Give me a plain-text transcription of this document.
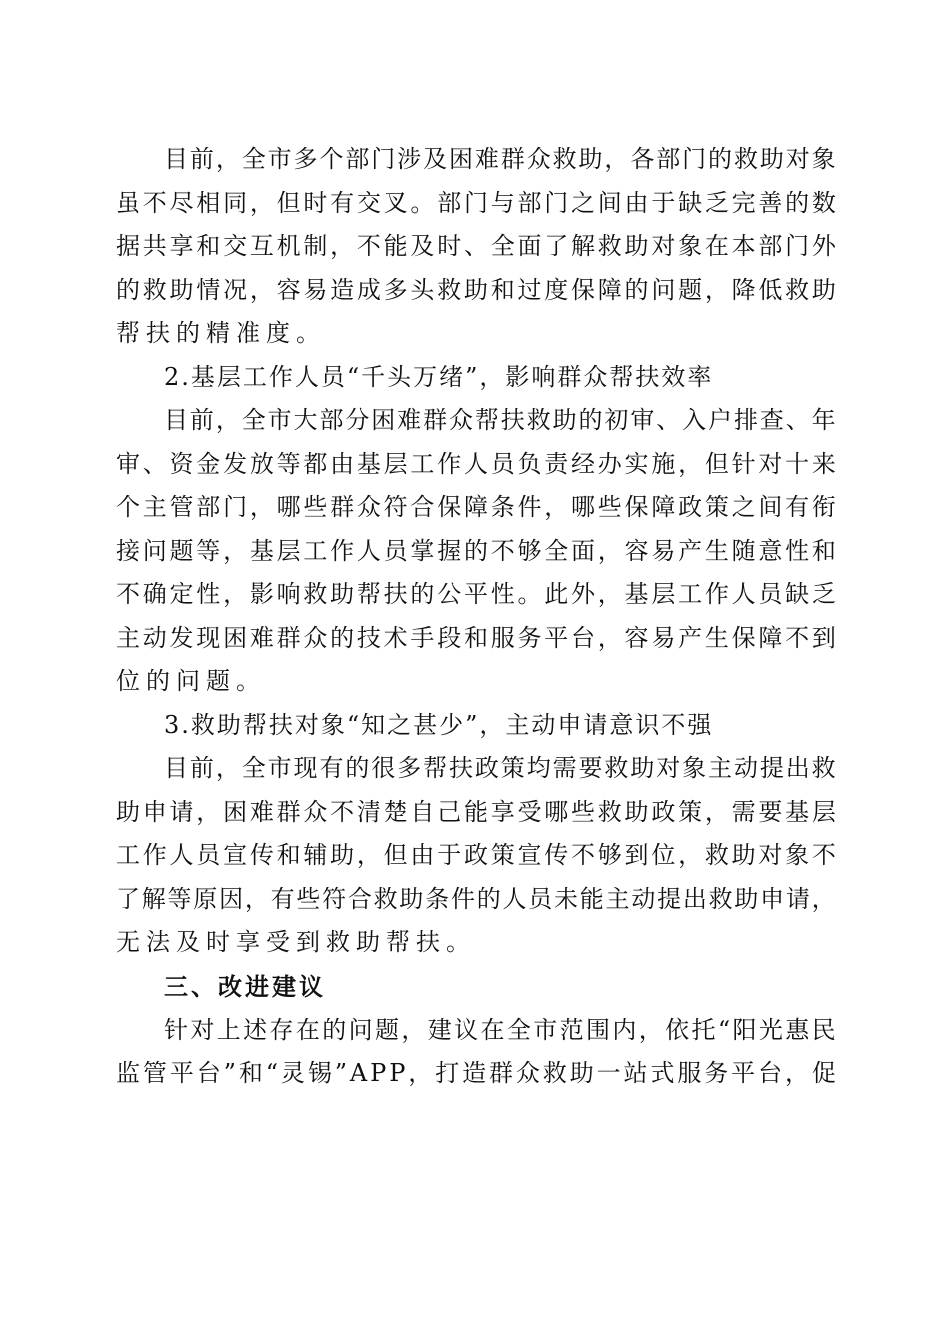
目 前 ， 全 市 多 个 部 门 涉 及 困 难 群 众 救 助 ， 各 部 门 的 救 助 对 象
虽 不 尽 相 同 ， 但 时 有 交 叉 。 部 门 与 部 门 之 间 由 于 缺 乏 完 善 的 数
据 共 享 和 交 互 机 制 ， 不 能 及 时 、 全 面 了 解 救 助 对 象 在 本 部 门 外
的 救 助 情 况 ， 容 易 造 成 多 头 救 助 和 过 度 保 障 的 问 题 ， 降 低 救 助
帮扶的精准度。
2.基层工作人员“千头万绪”，影响群众帮扶效率
目 前 ， 全 市 大 部 分 困 难 群 众 帮 扶 救 助 的 初 审 、 入 户 排 查 、 年
审 、 资 金 发 放 等 都 由 基 层 工 作 人 员 负 责 经 办 实 施 ， 但 针 对 十 来
个 主 管 部 门 ， 哪 些 群 众 符 合 保 障 条 件 ， 哪 些 保 障 政 策 之 间 有 衔
接 问 题 等 ， 基 层 工 作 人 员 掌 握 的 不 够 全 面 ， 容 易 产 生 随 意 性 和
不 确 定 性 ， 影 响 救 助 帮 扶 的 公 平 性 。 此 外 ， 基 层 工 作 人 员 缺 乏
主 动 发 现 困 难 群 众 的 技 术 手 段 和 服 务 平 台 ， 容 易 产 生 保 障 不 到
位的问题。
3.救助帮扶对象“知之甚少”，主动申请意识不强
目 前 ， 全 市 现 有 的 很 多 帮 扶 政 策 均 需 要 救 助 对 象 主 动 提 出 救
助 申 请 ， 困 难 群 众 不 清 楚 自 己 能 享 受 哪 些 救 助 政 策 ， 需 要 基 层
工 作 人 员 宣 传 和 辅 助 ， 但 由 于 政 策 宣 传 不 够 到 位 ， 救 助 对 象 不
了 解 等 原 因 ， 有 些 符 合 救 助 条 件 的 人 员 未 能 主 动 提 出 救 助 申 请 ，
无法及时享受到救助帮扶。
三、改进建议
针 对 上 述 存 在 的 问 题 ， 建 议 在 全 市 范 围 内 ， 依 托 “ 阳 光 惠 民
监 管 平 台 ” 和 “ 灵 锡 ” A P P ， 打 造 群 众 救 助 一 站 式 服 务 平 台 ， 促
